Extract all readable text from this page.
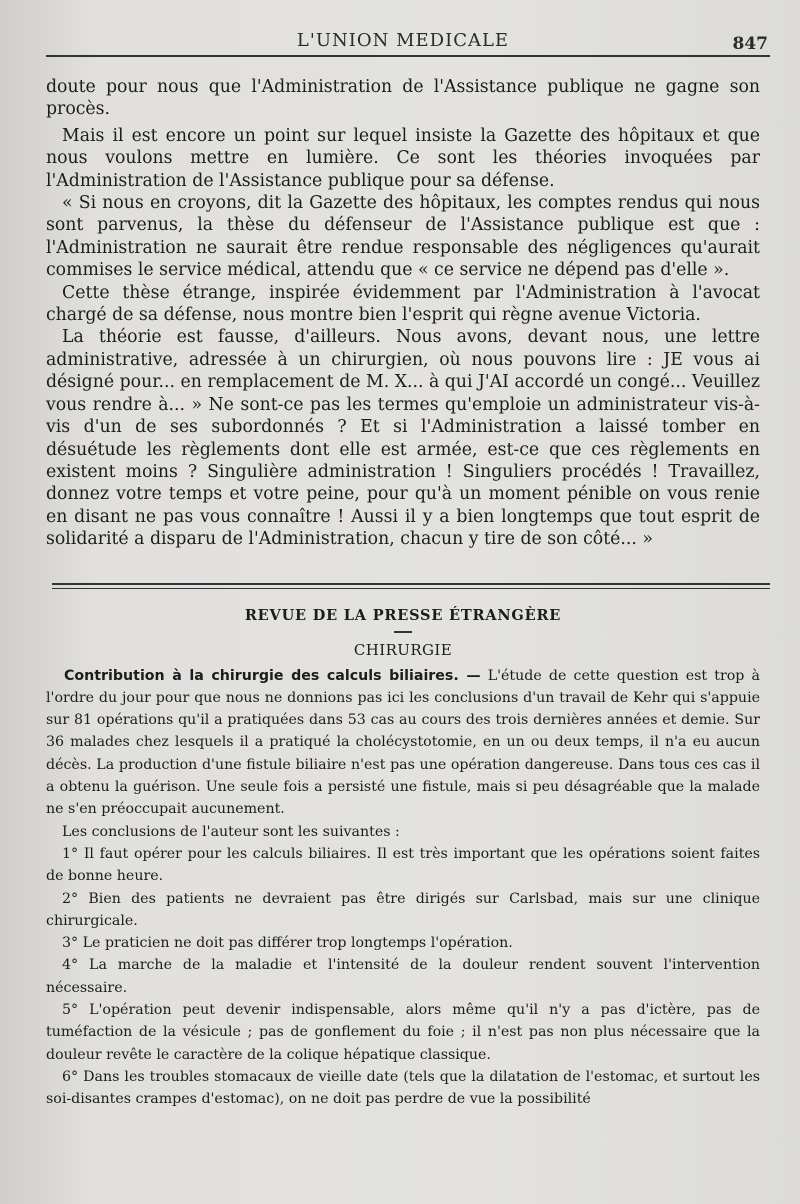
L'UNION MEDICALE	847

doute pour nous que l'Administration de l'Assistance publique ne gagne son procès.

Mais il est encore un point sur lequel insiste la Gazette des hôpitaux et que nous voulons mettre en lumière. Ce sont les théories invoquées par l'Administration de l'Assistance publique pour sa défense.

« Si nous en croyons, dit la Gazette des hôpitaux, les comptes rendus qui nous sont parvenus, la thèse du défenseur de l'Assistance publique est que : l'Administration ne saurait être rendue responsable des négligences qu'aurait commises le service médical, attendu que « ce service ne dépend pas d'elle ».

Cette thèse étrange, inspirée évidemment par l'Administration à l'avocat chargé de sa défense, nous montre bien l'esprit qui règne avenue Victoria.

La théorie est fausse, d'ailleurs. Nous avons, devant nous, une lettre administrative, adressée à un chirurgien, où nous pouvons lire : JE vous ai désigné pour... en remplacement de M. X... à qui J'AI accordé un congé... Veuillez vous rendre à... » Ne sont-ce pas les termes qu'emploie un administrateur vis-à-vis d'un de ses subordonnés ? Et si l'Administration a laissé tomber en désuétude les règlements dont elle est armée, est-ce que ces règlements en existent moins ? Singulière administration ! Singuliers procédés ! Travaillez, donnez votre temps et votre peine, pour qu'à un moment pénible on vous renie en disant ne pas vous connaître ! Aussi il y a bien longtemps que tout esprit de solidarité a disparu de l'Administration, chacun y tire de son côté... »

REVUE DE LA PRESSE ÉTRANGÈRE
CHIRURGIE

Contribution à la chirurgie des calculs biliaires. — L'étude de cette question est trop à l'ordre du jour pour que nous ne donnions pas ici les conclusions d'un travail de Kehr qui s'appuie sur 81 opérations qu'il a pratiquées dans 53 cas au cours des trois dernières années et demie. Sur 36 malades chez lesquels il a pratiqué la cholécystotomie, en un ou deux temps, il n'a eu aucun décès. La production d'une fistule biliaire n'est pas une opération dangereuse. Dans tous ces cas il a obtenu la guérison. Une seule fois a persisté une fistule, mais si peu désagréable que la malade ne s'en préoccupait aucunement.

Les conclusions de l'auteur sont les suivantes :

1° Il faut opérer pour les calculs biliaires. Il est très important que les opérations soient faites de bonne heure.

2° Bien des patients ne devraient pas être dirigés sur Carlsbad, mais sur une clinique chirurgicale.

3° Le praticien ne doit pas différer trop longtemps l'opération.

4° La marche de la maladie et l'intensité de la douleur rendent souvent l'intervention nécessaire.

5° L'opération peut devenir indispensable, alors même qu'il n'y a pas d'ictère, pas de tuméfaction de la vésicule ; pas de gonflement du foie ; il n'est pas non plus nécessaire que la douleur revête le caractère de la colique hépatique classique.

6° Dans les troubles stomacaux de vieille date (tels que la dilatation de l'estomac, et surtout les soi-disantes crampes d'estomac), on ne doit pas perdre de vue la possibilité
